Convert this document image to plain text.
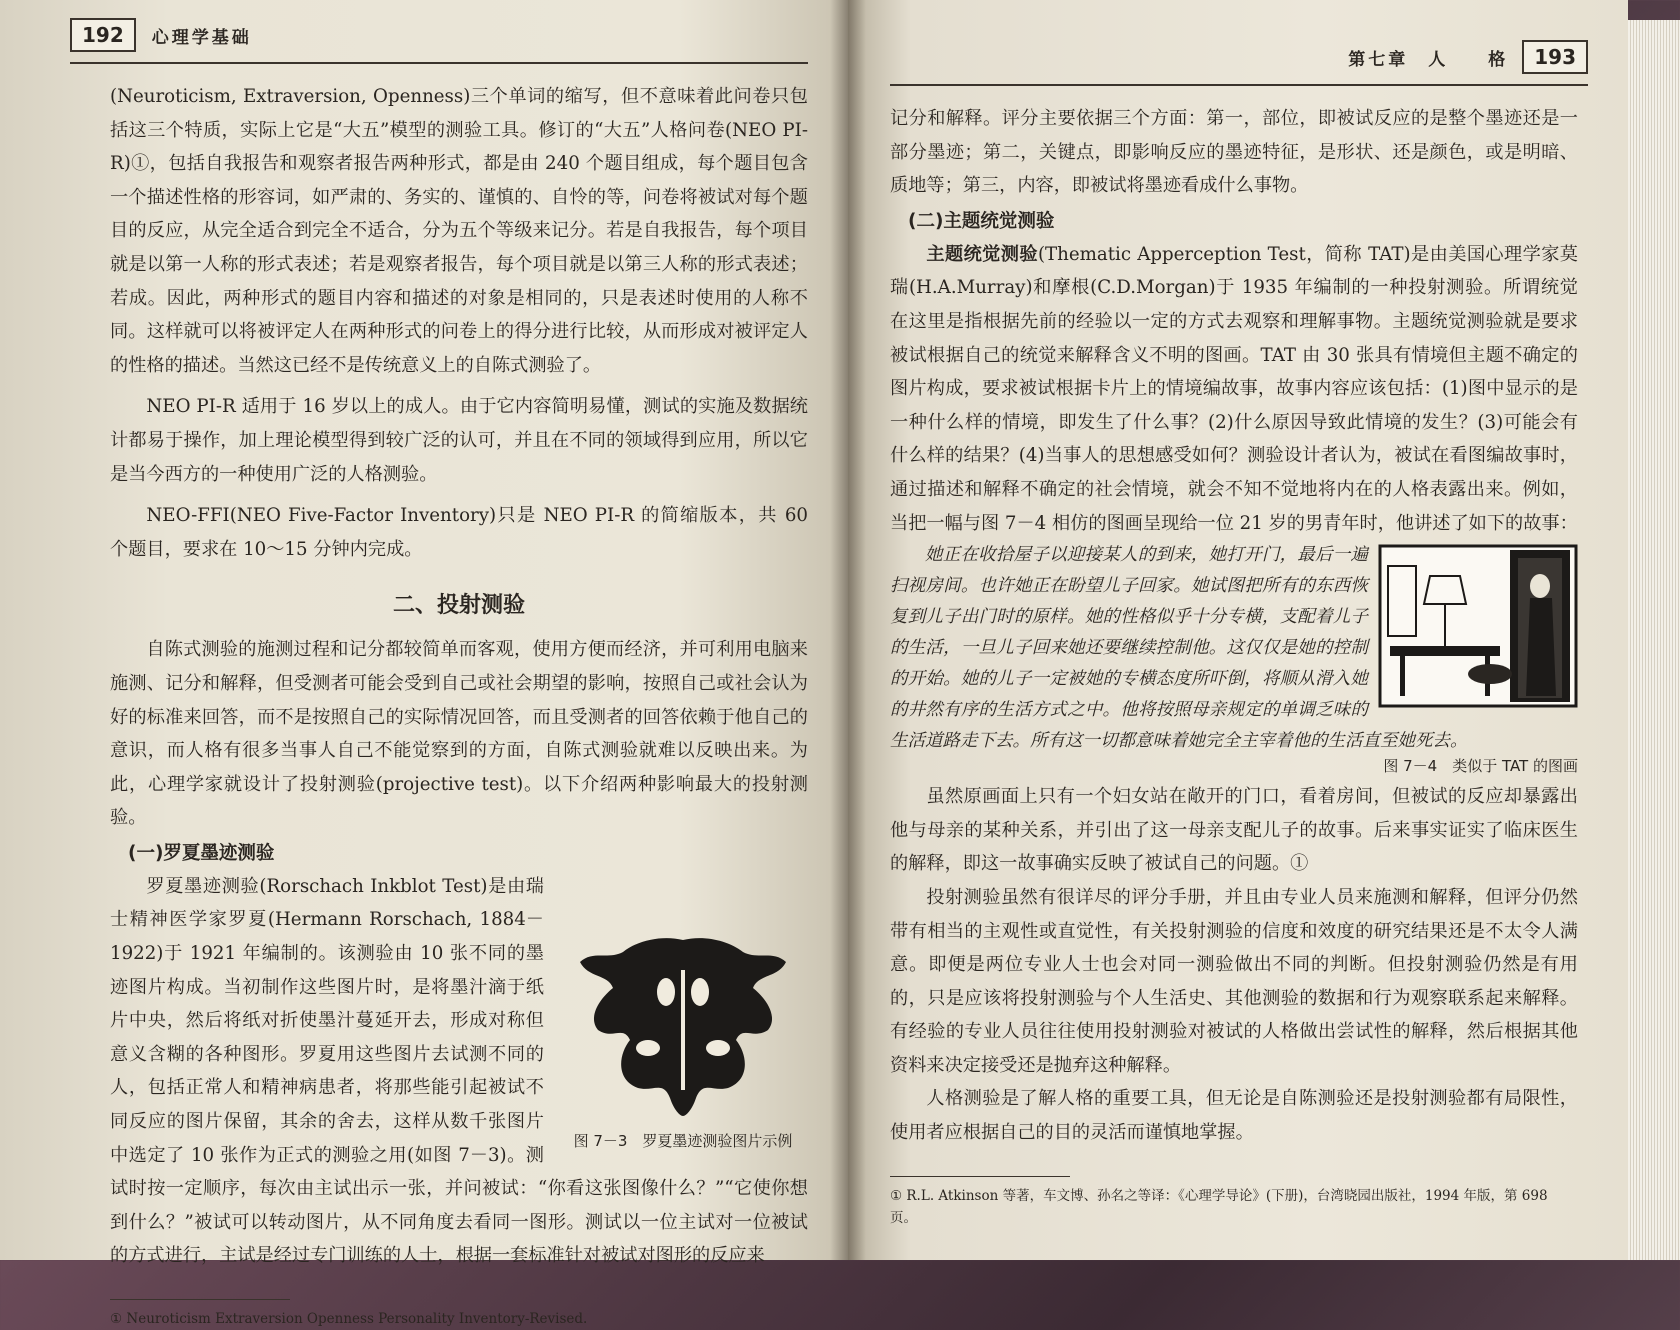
192	心理学基础

(Neuroticism, Extraversion, Openness)三个单词的缩写，但不意味着此问卷只包括这三个特质，实际上它是“大五”模型的测验工具。修订的“大五”人格问卷(NEO PI-R)①，包括自我报告和观察者报告两种形式，都是由 240 个题目组成，每个题目包含一个描述性格的形容词，如严肃的、务实的、谨慎的、自怜的等，问卷将被试对每个题目的反应，从完全适合到完全不适合，分为五个等级来记分。若是自我报告，每个项目就是以第一人称的形式表述；若是观察者报告，每个项目就是以第三人称的形式表述；若成。因此，两种形式的题目内容和描述的对象是相同的，只是表述时使用的人称不同。这样就可以将被评定人在两种形式的问卷上的得分进行比较，从而形成对被评定人的性格的描述。当然这已经不是传统意义上的自陈式测验了。

NEO PI-R 适用于 16 岁以上的成人。由于它内容简明易懂，测试的实施及数据统计都易于操作，加上理论模型得到较广泛的认可，并且在不同的领域得到应用，所以它是当今西方的一种使用广泛的人格测验。

NEO-FFI(NEO Five-Factor Inventory)只是 NEO PI-R 的简缩版本，共 60 个题目，要求在 10～15 分钟内完成。

二、投射测验

自陈式测验的施测过程和记分都较简单而客观，使用方便而经济，并可利用电脑来施测、记分和解释，但受测者可能会受到自己或社会期望的影响，按照自己或社会认为好的标准来回答，而不是按照自己的实际情况回答，而且受测者的回答依赖于他自己的意识，而人格有很多当事人自己不能觉察到的方面，自陈式测验就难以反映出来。为此，心理学家就设计了投射测验(projective test)。以下介绍两种影响最大的投射测验。

(一)罗夏墨迹测验
图 7－3　罗夏墨迹测验图片示例

罗夏墨迹测验(Rorschach Inkblot Test)是由瑞士精神医学家罗夏(Hermann Rorschach, 1884－1922)于 1921 年编制的。该测验由 10 张不同的墨迹图片构成。当初制作这些图片时，是将墨汁滴于纸片中央，然后将纸对折使墨汁蔓延开去，形成对称但意义含糊的各种图形。罗夏用这些图片去试测不同的人，包括正常人和精神病患者，将那些能引起被试不同反应的图片保留，其余的舍去，这样从数千张图片中选定了 10 张作为正式的测验之用(如图 7－3)。测试时按一定顺序，每次由主试出示一张，并问被试：“你看这张图像什么？”“它使你想到什么？”被试可以转动图片，从不同角度去看同一图形。测试以一位主试对一位被试的方式进行，主试是经过专门训练的人士，根据一套标准针对被试对图形的反应来

① Neuroticism Extraversion Openness Personality Inventory-Revised.
第七章　人　　格	193

记分和解释。评分主要依据三个方面：第一，部位，即被试反应的是整个墨迹还是一部分墨迹；第二，关键点，即影响反应的墨迹特征，是形状、还是颜色，或是明暗、质地等；第三，内容，即被试将墨迹看成什么事物。

(二)主题统觉测验

主题统觉测验(Thematic Apperception Test，简称 TAT)是由美国心理学家莫瑞(H.A.Murray)和摩根(C.D.Morgan)于 1935 年编制的一种投射测验。所谓统觉在这里是指根据先前的经验以一定的方式去观察和理解事物。主题统觉测验就是要求被试根据自己的统觉来解释含义不明的图画。TAT 由 30 张具有情境但主题不确定的图片构成，要求被试根据卡片上的情境编故事，故事内容应该包括：(1)图中显示的是一种什么样的情境，即发生了什么事？(2)什么原因导致此情境的发生？(3)可能会有什么样的结果？(4)当事人的思想感受如何？测验设计者认为，被试在看图编故事时，通过描述和解释不确定的社会情境，就会不知不觉地将内在的人格表露出来。例如，当把一幅与图 7－4 相仿的图画呈现给一位 21 岁的男青年时，他讲述了如下的故事：

她正在收拾屋子以迎接某人的到来，她打开门，最后一遍扫视房间。也许她正在盼望儿子回家。她试图把所有的东西恢复到儿子出门时的原样。她的性格似乎十分专横，支配着儿子的生活，一旦儿子回来她还要继续控制他。这仅仅是她的控制的开始。她的儿子一定被她的专横态度所吓倒，将顺从滑入她的井然有序的生活方式之中。他将按照母亲规定的单调乏味的生活道路走下去。所有这一切都意味着她完全主宰着他的生活直至她死去。

图 7－4　类似于 TAT 的图画

虽然原画面上只有一个妇女站在敞开的门口，看着房间，但被试的反应却暴露出他与母亲的某种关系，并引出了这一母亲支配儿子的故事。后来事实证实了临床医生的解释，即这一故事确实反映了被试自己的问题。①

投射测验虽然有很详尽的评分手册，并且由专业人员来施测和解释，但评分仍然带有相当的主观性或直觉性，有关投射测验的信度和效度的研究结果还是不太令人满意。即便是两位专业人士也会对同一测验做出不同的判断。但投射测验仍然是有用的，只是应该将投射测验与个人生活史、其他测验的数据和行为观察联系起来解释。有经验的专业人员往往使用投射测验对被试的人格做出尝试性的解释，然后根据其他资料来决定接受还是抛弃这种解释。

人格测验是了解人格的重要工具，但无论是自陈测验还是投射测验都有局限性，使用者应根据自己的目的灵活而谨慎地掌握。

① R.L. Atkinson 等著，车文博、孙名之等译：《心理学导论》(下册)，台湾晓园出版社，1994 年版，第 698 页。
